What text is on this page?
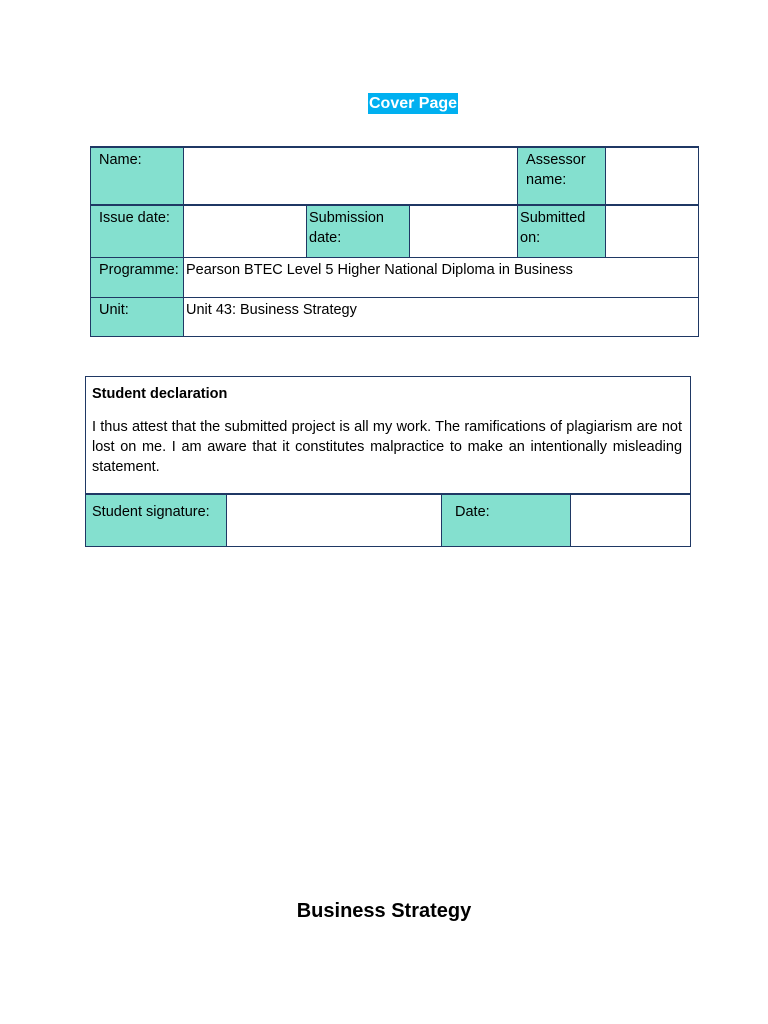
Cover Page
Name:				Assessor name:	
Issue date:		Submission date:		Submitted on:	
Programme:	Pearson BTEC Level 5 Higher National Diploma in Business				
Unit:	Unit 43: Business Strategy				
Student declaration
I thus attest that the submitted project is all my work. The ramifications of plagiarism are not lost on me. I am aware that it constitutes malpractice to make an intentionally misleading statement.

Student signature:		Date:	
Business Strategy
